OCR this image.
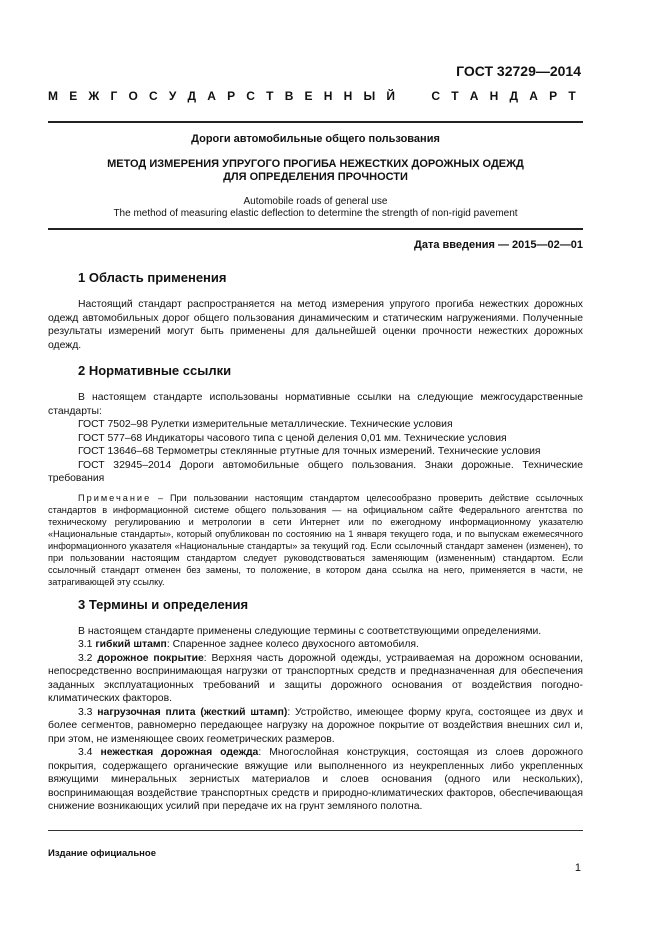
ГОСТ 32729—2014
М Е Ж Г О С У Д А Р С Т В Е Н Н Ы Й	С Т А Н Д А Р Т
Дороги автомобильные общего пользования
МЕТОД ИЗМЕРЕНИЯ УПРУГОГО ПРОГИБА НЕЖЕСТКИХ ДОРОЖНЫХ ОДЕЖД
ДЛЯ ОПРЕДЕЛЕНИЯ ПРОЧНОСТИ
Automobile roads of general use
The method of measuring elastic deflection to determine the strength of non-rigid pavement
Дата введения — 2015—02—01
1 Область применения

Настоящий стандарт распространяется на метод измерения упругого прогиба нежестких дорожных одежд автомобильных дорог общего пользования динамическим и статическим нагружениями. Полученные результаты измерений могут быть применены для дальнейшей оценки прочности нежестких дорожных одежд.

2 Нормативные ссылки

В настоящем стандарте использованы нормативные ссылки на следующие межгосударственные стандарты:

ГОСТ 7502–98 Рулетки измерительные металлические. Технические условия
ГОСТ 577–68 Индикаторы часового типа с ценой деления 0,01 мм. Технические условия
ГОСТ 13646–68 Термометры стеклянные ртутные для точных измерений. Технические условия
ГОСТ 32945–2014 Дороги автомобильные общего пользования. Знаки дорожные. Технические требования

Примечание – При пользовании настоящим стандартом целесообразно проверить действие ссылочных стандартов в информационной системе общего пользования — на официальном сайте Федерального агентства по техническому регулированию и метрологии в сети Интернет или по ежегодному информационному указателю «Национальные стандарты», который опубликован по состоянию на 1 января текущего года, и по выпускам ежемесячного информационного указателя «Национальные стандарты» за текущий год. Если ссылочный стандарт заменен (изменен), то при пользовании настоящим стандартом следует руководствоваться заменяющим (измененным) стандартом. Если ссылочный стандарт отменен без замены, то положение, в котором дана ссылка на него, применяется в части, не затрагивающей эту ссылку.

3 Термины и определения

В настоящем стандарте применены следующие термины с соответствующими определениями.

3.1 гибкий штамп: Спаренное заднее колесо двухосного автомобиля.
3.2 дорожное покрытие: Верхняя часть дорожной одежды, устраиваемая на дорожном основании, непосредственно воспринимающая нагрузки от транспортных средств и предназначенная для обеспечения заданных эксплуатационных требований и защиты дорожного основания от воздействия погодно-климатических факторов.
3.3 нагрузочная плита (жесткий штамп): Устройство, имеющее форму круга, состоящее из двух и более сегментов, равномерно передающее нагрузку на дорожное покрытие от воздействия внешних сил и, при этом, не изменяющее своих геометрических размеров.
3.4 нежесткая дорожная одежда: Многослойная конструкция, состоящая из слоев дорожного покрытия, содержащего органические вяжущие или выполненного из неукрепленных либо укрепленных вяжущими минеральных зернистых материалов и слоев основания (одного или нескольких), воспринимающая воздействие транспортных средств и природно-климатических факторов, обеспечивающая снижение возникающих усилий при передаче их на грунт земляного полотна.
Издание официальное
1
